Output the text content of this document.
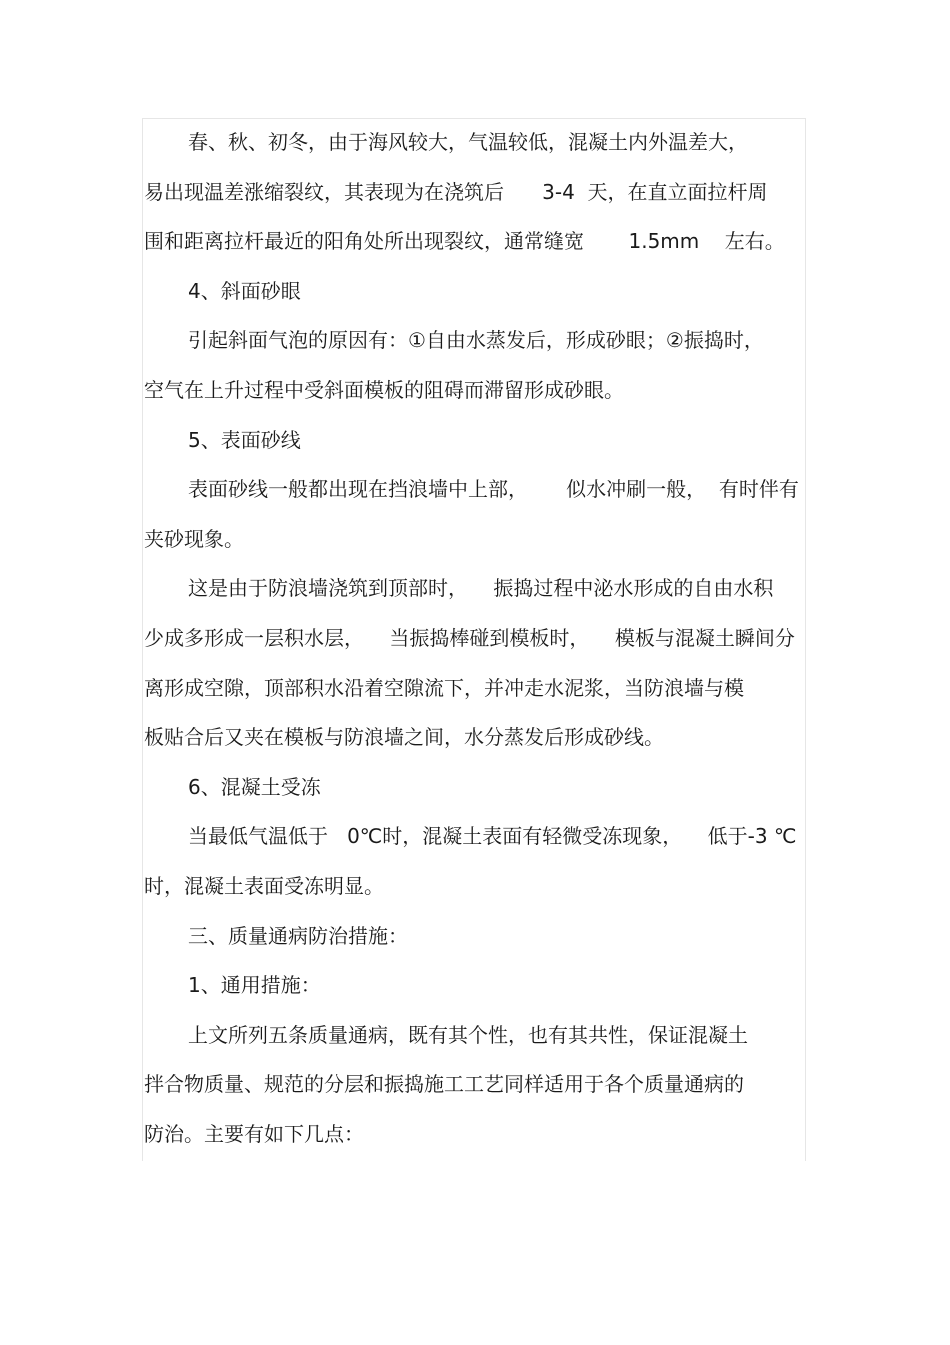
春、秋、初冬，由于海风较大，气温较低，混凝土内外温差大，
易出现温差涨缩裂纹，其表现为在浇筑后      3-4  天，在直立面拉杆周
围和距离拉杆最近的阳角处所出现裂纹，通常缝宽       1.5mm    左右。
4、斜面砂眼
引起斜面气泡的原因有：①自由水蒸发后，形成砂眼；②振捣时，
空气在上升过程中受斜面模板的阻碍而滞留形成砂眼。
5、表面砂线
表面砂线一般都出现在挡浪墙中上部，      似水冲刷一般，  有时伴有
夹砂现象。
这是由于防浪墙浇筑到顶部时，    振捣过程中泌水形成的自由水积
少成多形成一层积水层，    当振捣棒碰到模板时，    模板与混凝土瞬间分
离形成空隙，顶部积水沿着空隙流下，并冲走水泥浆，当防浪墙与模
板贴合后又夹在模板与防浪墙之间，水分蒸发后形成砂线。
6、混凝土受冻
当最低气温低于   0℃时，混凝土表面有轻微受冻现象，    低于-3 ℃
时，混凝土表面受冻明显。
三、质量通病防治措施：
1、通用措施：
上文所列五条质量通病，既有其个性，也有其共性，保证混凝土
拌合物质量、规范的分层和振捣施工工艺同样适用于各个质量通病的
防治。主要有如下几点：
